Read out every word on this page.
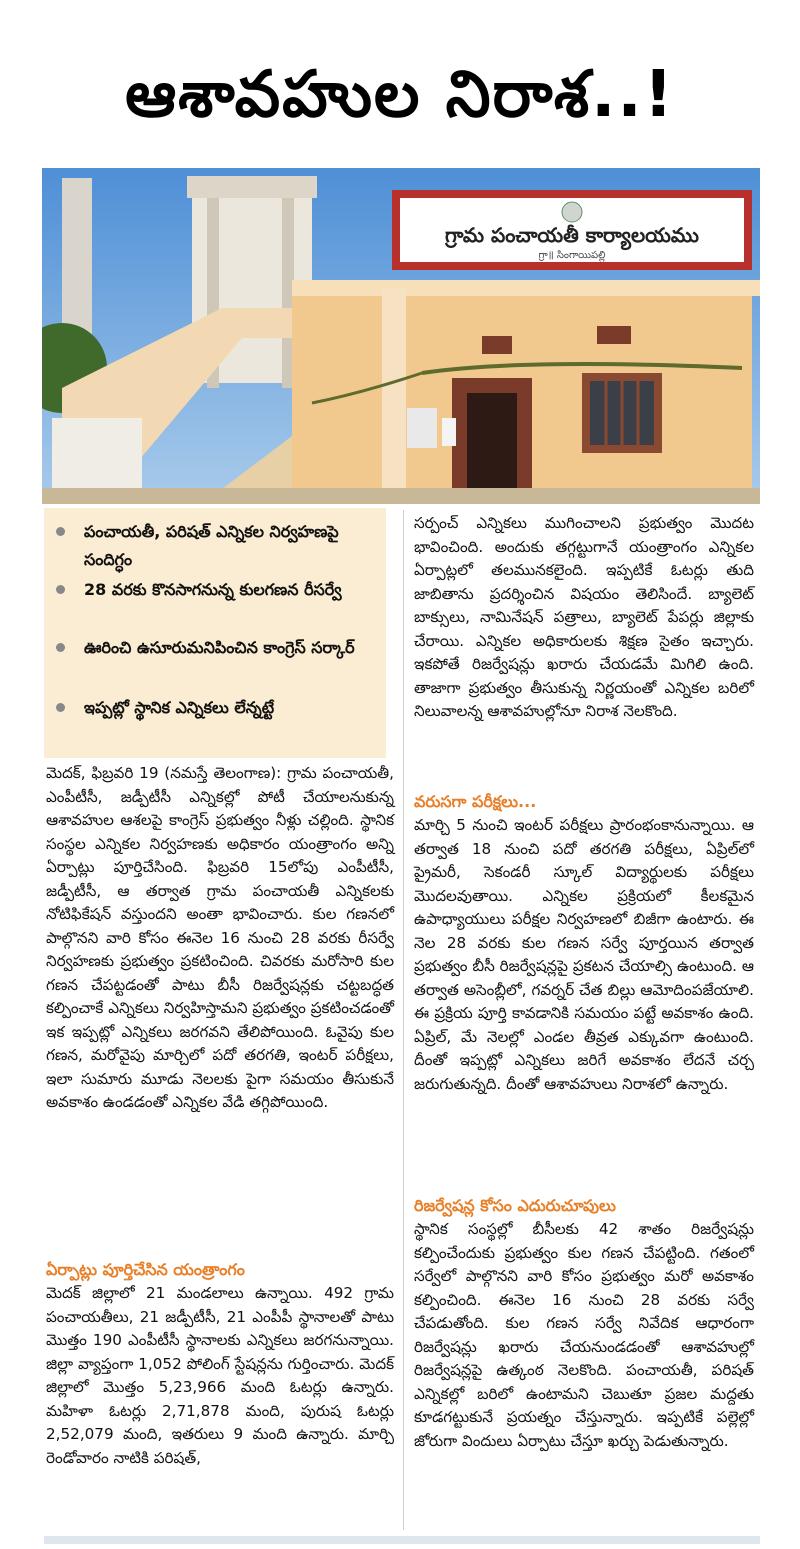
ఆశావహుల నిరాశ..!
గ్రామ పంచాయతీ కార్యాలయము
గ్రా॥ సింగాయిపల్లి
పంచాయతీ, పరిషత్ ఎన్నికల నిర్వహణపై సందిగ్ధం
28 వరకు కొనసాగనున్న కులగణన రీసర్వే
ఊరించి ఉసూరుమనిపించిన కాంగ్రెస్ సర్కార్
ఇప్పట్లో స్థానిక ఎన్నికలు లేన్నట్టే

మెదక్, ఫిబ్రవరి 19 (నమస్తే తెలంగాణ): గ్రామ పంచాయతీ, ఎంపీటీసీ, జడ్పీటీసీ ఎన్నికల్లో పోటీ చేయాలనుకున్న ఆశావహుల ఆశలపై కాంగ్రెస్ ప్రభుత్వం నీళ్లు చల్లింది. స్థానిక సంస్థల ఎన్నికల నిర్వహణకు అధికారం యంత్రాంగం అన్ని ఏర్పాట్లు పూర్తిచేసింది. ఫిబ్రవరి 15లోపు ఎంపీటీసీ, జడ్పీటీసీ, ఆ తర్వాత గ్రామ పంచాయతీ ఎన్నికలకు నోటిఫికేషన్ వస్తుందని అంతా భావించారు. కుల గణనలో పాల్గొనని వారి కోసం ఈనెల 16 నుంచి 28 వరకు రీసర్వే నిర్వహణకు ప్రభుత్వం ప్రకటించింది. చివరకు మరోసారి కుల గణన చేపట్టడంతో పాటు బీసీ రిజర్వేషన్లకు చట్టబద్ధత కల్పించాకే ఎన్నికలు నిర్వహిస్తామని ప్రభుత్వం ప్రకటించడంతో ఇక ఇప్పట్లో ఎన్నికలు జరగవని తేలిపోయింది. ఓవైపు కుల గణన, మరోవైపు మార్చిలో పదో తరగతి, ఇంటర్ పరీక్షలు, ఇలా సుమారు మూడు నెలలకు పైగా సమయం తీసుకునే అవకాశం ఉండడంతో ఎన్నికల వేడి తగ్గిపోయింది.

ఏర్పాట్లు పూర్తిచేసిన యంత్రాంగం

మెదక్ జిల్లాలో 21 మండలాలు ఉన్నాయి. 492 గ్రామ పంచాయతీలు, 21 జడ్పీటీసీ, 21 ఎంపీపీ స్థానాలతో పాటు మొత్తం 190 ఎంపీటీసీ స్థానాలకు ఎన్నికలు జరగనున్నాయి. జిల్లా వ్యాప్తంగా 1,052 పోలింగ్ స్టేషన్లను గుర్తించారు. మెదక్ జిల్లాలో మొత్తం 5,23,966 మంది ఓటర్లు ఉన్నారు. మహిళా ఓటర్లు 2,71,878 మంది, పురుష ఓటర్లు 2,52,079 మంది, ఇతరులు 9 మంది ఉన్నారు. మార్చి రెండోవారం నాటికి పరిషత్,

సర్పంచ్ ఎన్నికలు ముగించాలని ప్రభుత్వం మొదట భావించింది. అందుకు తగ్గట్టుగానే యంత్రాంగం ఎన్నికల ఏర్పాట్లలో తలమునకలైంది. ఇప్పటికే ఓటర్లు తుది జాబితాను ప్రదర్శించిన విషయం తెలిసిందే. బ్యాలెట్ బాక్సులు, నామినేషన్ పత్రాలు, బ్యాలెట్ పేపర్లు జిల్లాకు చేరాయి. ఎన్నికల అధికారులకు శిక్షణ సైతం ఇచ్చారు. ఇకపోతే రిజర్వేషన్లు ఖరారు చేయడమే మిగిలి ఉంది. తాజాగా ప్రభుత్వం తీసుకున్న నిర్ణయంతో ఎన్నికల బరిలో నిలువాలన్న ఆశావహుల్లోనూ నిరాశ నెలకొంది.

వరుసగా పరీక్షలు...

మార్చి 5 నుంచి ఇంటర్ పరీక్షలు ప్రారంభంకానున్నాయి. ఆ తర్వాత 18 నుంచి పదో తరగతి పరీక్షలు, ఏప్రిల్‌లో ప్రైమరీ, సెకండరీ స్కూల్ విద్యార్థులకు పరీక్షలు మొదలవుతాయి. ఎన్నికల ప్రక్రియలో కీలకమైన ఉపాధ్యాయులు పరీక్షల నిర్వహణలో బిజీగా ఉంటారు. ఈ నెల 28 వరకు కుల గణన సర్వే పూర్తయిన తర్వాత ప్రభుత్వం బీసీ రిజర్వేషన్లపై ప్రకటన చేయాల్సి ఉంటుంది. ఆ తర్వాత అసెంబ్లీలో, గవర్నర్ చేత బిల్లు ఆమోదింపజేయాలి. ఈ ప్రక్రియ పూర్తి కావడానికి సమయం పట్టే అవకాశం ఉంది. ఏప్రిల్, మే నెలల్లో ఎండల తీవ్రత ఎక్కువగా ఉంటుంది. దీంతో ఇప్పట్లో ఎన్నికలు జరిగే అవకాశం లేదనే చర్చ జరుగుతున్నది. దీంతో ఆశావహులు నిరాశలో ఉన్నారు.

రిజర్వేషన్ల కోసం ఎదురుచూపులు

స్థానిక సంస్థల్లో బీసీలకు 42 శాతం రిజర్వేషన్లు కల్పించేందుకు ప్రభుత్వం కుల గణన చేపట్టింది. గతంలో సర్వేలో పాల్గొనని వారి కోసం ప్రభుత్వం మరో అవకాశం కల్పించింది. ఈనెల 16 నుంచి 28 వరకు సర్వే చేపడుతోంది. కుల గణన సర్వే నివేదిక ఆధారంగా రిజర్వేషన్లు ఖరారు చేయనుండడంతో ఆశావహుల్లో రిజర్వేషన్లపై ఉత్కంఠ నెలకొంది. పంచాయతీ, పరిషత్ ఎన్నికల్లో బరిలో ఉంటామని చెబుతూ ప్రజల మద్దతు కూడగట్టుకునే ప్రయత్నం చేస్తున్నారు. ఇప్పటికే పల్లెల్లో జోరుగా విందులు ఏర్పాటు చేస్తూ ఖర్చు పెడుతున్నారు.
